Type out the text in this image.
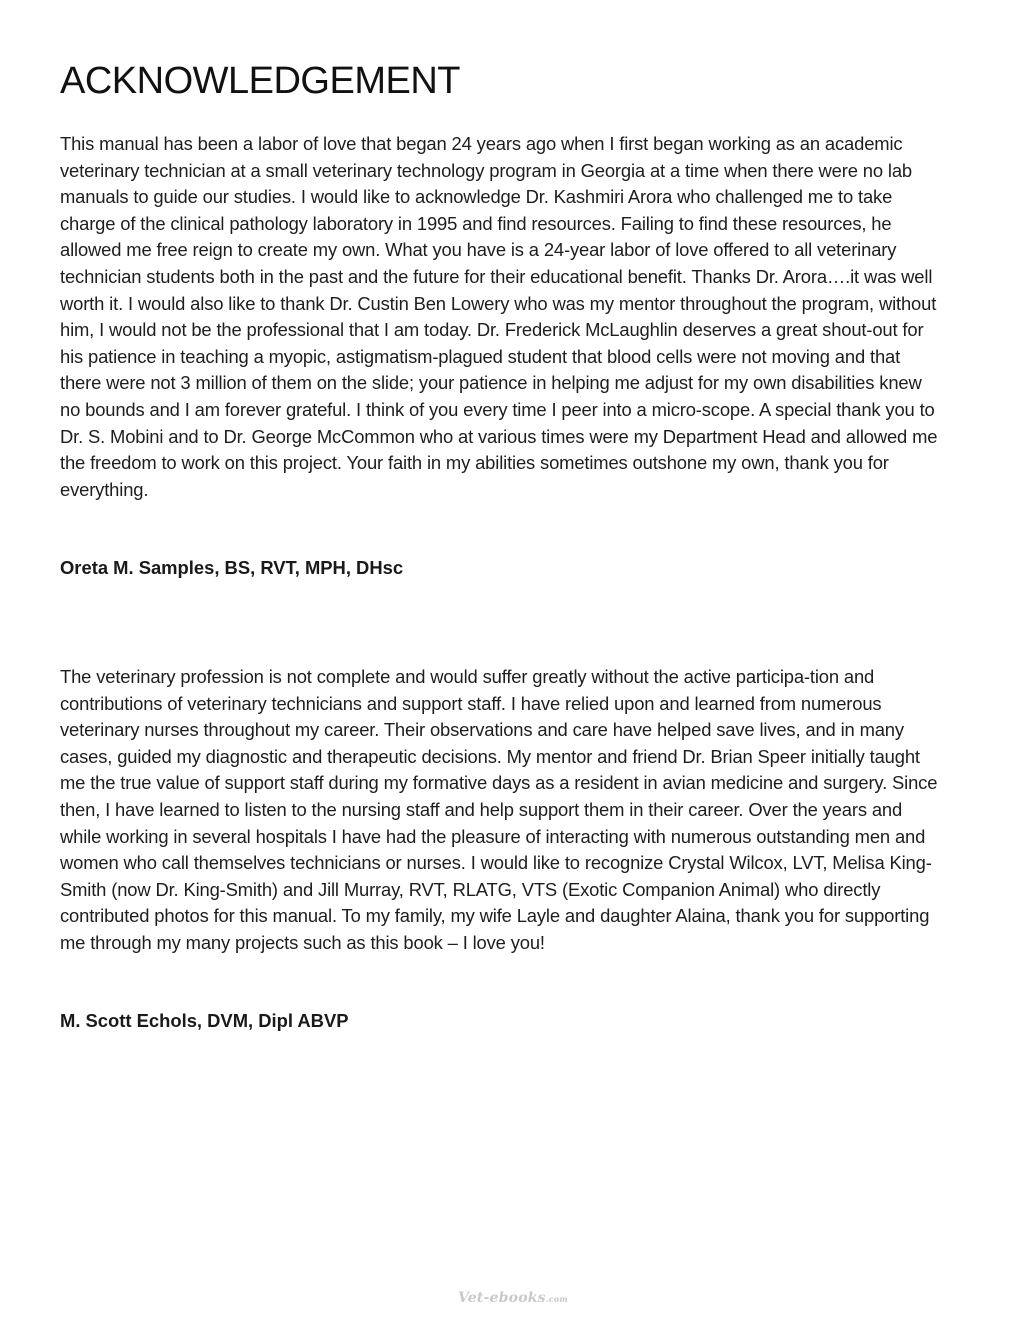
ACKNOWLEDGEMENT

This manual has been a labor of love that began 24 years ago when I first began working as an academic veterinary technician at a small veterinary technology program in Georgia at a time when there were no lab manuals to guide our studies. I would like to acknowledge Dr. Kashmiri Arora who challenged me to take charge of the clinical pathology laboratory in 1995 and find resources. Failing to find these resources, he allowed me free reign to create my own. What you have is a 24-year labor of love offered to all veterinary technician students both in the past and the future for their educational benefit. Thanks Dr. Arora….it was well worth it. I would also like to thank Dr. Custin Ben Lowery who was my mentor throughout the program, without him, I would not be the professional that I am today. Dr. Frederick McLaughlin deserves a great shout-out for his patience in teaching a myopic, astigmatism-plagued student that blood cells were not moving and that there were not 3 million of them on the slide; your patience in helping me adjust for my own disabilities knew no bounds and I am forever grateful. I think of you every time I peer into a micro-scope. A special thank you to Dr. S. Mobini and to Dr. George McCommon who at various times were my Department Head and allowed me the freedom to work on this project. Your faith in my abilities sometimes outshone my own, thank you for everything.

Oreta M. Samples, BS, RVT, MPH, DHsc

The veterinary profession is not complete and would suffer greatly without the active participa-tion and contributions of veterinary technicians and support staff. I have relied upon and learned from numerous veterinary nurses throughout my career. Their observations and care have helped save lives, and in many cases, guided my diagnostic and therapeutic decisions. My mentor and friend Dr. Brian Speer initially taught me the true value of support staff during my formative days as a resident in avian medicine and surgery. Since then, I have learned to listen to the nursing staff and help support them in their career. Over the years and while working in several hospitals I have had the pleasure of interacting with numerous outstanding men and women who call themselves technicians or nurses. I would like to recognize Crystal Wilcox, LVT, Melisa King-Smith (now Dr. King-Smith) and Jill Murray, RVT, RLATG, VTS (Exotic Companion Animal) who directly contributed photos for this manual. To my family, my wife Layle and daughter Alaina, thank you for supporting me through my many projects such as this book – I love you!

M. Scott Echols, DVM, Dipl ABVP

Vet-ebooks.com
